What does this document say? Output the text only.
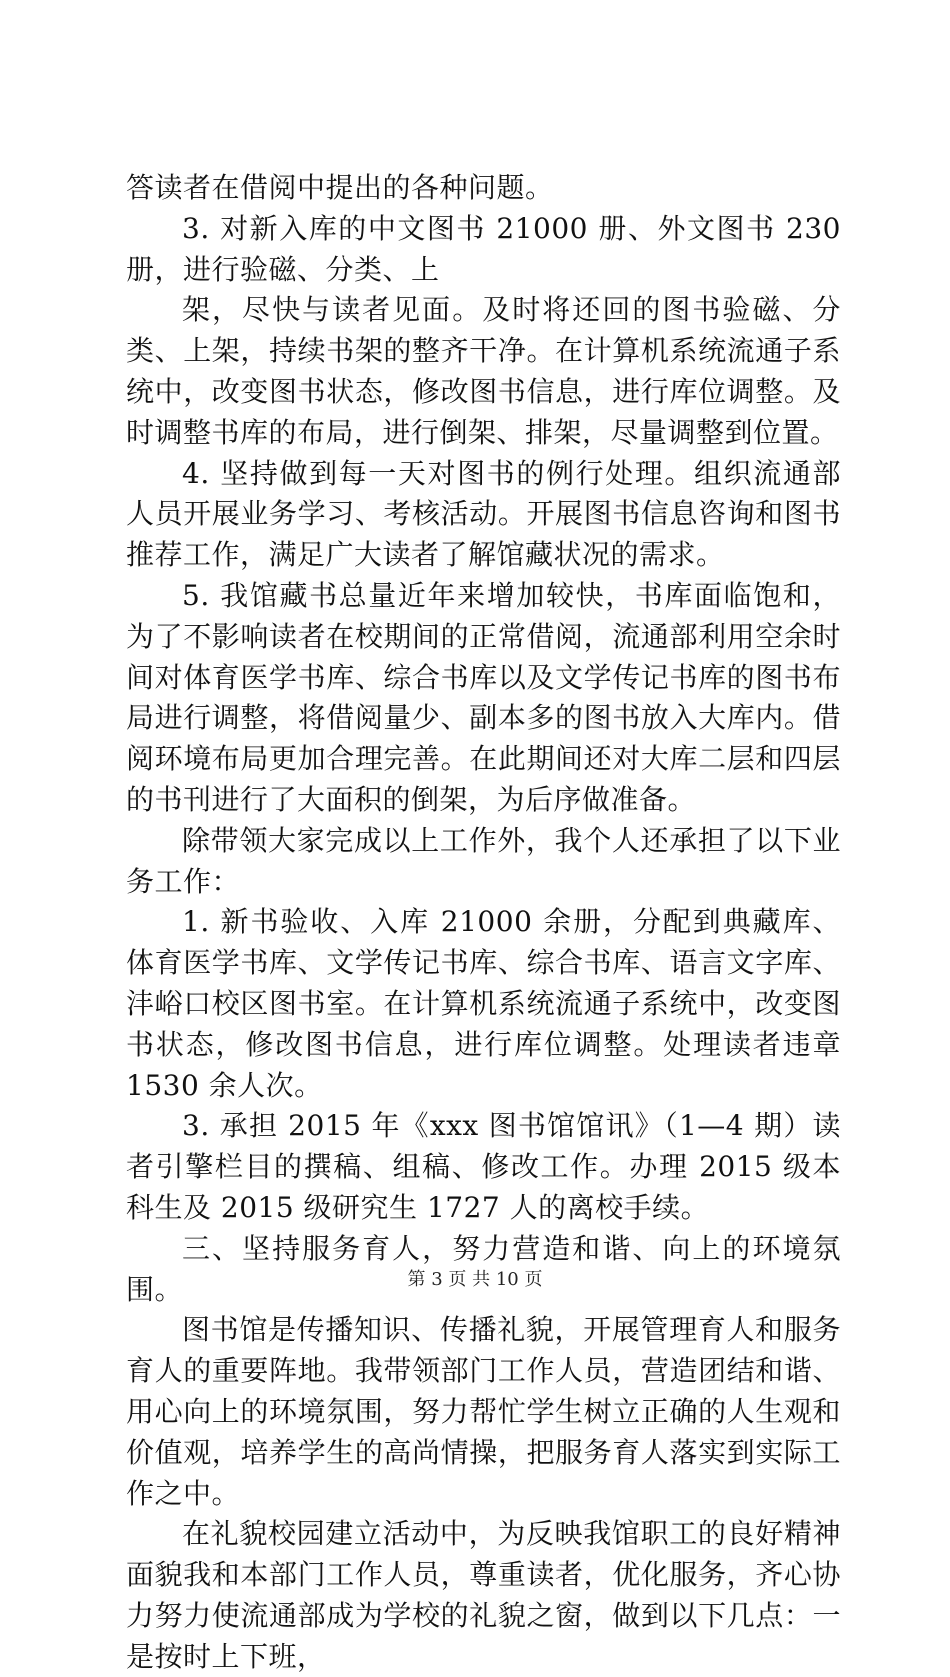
答读者在借阅中提出的各种问题。

3. 对新入库的中文图书 21000 册、外文图书 230 册，进行验磁、分类、上

架，尽快与读者见面。及时将还回的图书验磁、分类、上架，持续书架的整齐干净。在计算机系统流通子系统中，改变图书状态，修改图书信息，进行库位调整。及时调整书库的布局，进行倒架、排架，尽量调整到位置。

4. 坚持做到每一天对图书的例行处理。组织流通部人员开展业务学习、考核活动。开展图书信息咨询和图书推荐工作，满足广大读者了解馆藏状况的需求。

5. 我馆藏书总量近年来增加较快，书库面临饱和，为了不影响读者在校期间的正常借阅，流通部利用空余时间对体育医学书库、综合书库以及文学传记书库的图书布局进行调整，将借阅量少、副本多的图书放入大库内。借阅环境布局更加合理完善。在此期间还对大库二层和四层的书刊进行了大面积的倒架，为后序做准备。

除带领大家完成以上工作外，我个人还承担了以下业务工作：

1. 新书验收、入库 21000 余册，分配到典藏库、体育医学书库、文学传记书库、综合书库、语言文字库、沣峪口校区图书室。在计算机系统流通子系统中，改变图书状态，修改图书信息，进行库位调整。处理读者违章 1530 余人次。

3. 承担 2015 年《xxx 图书馆馆讯》（1—4 期）读者引擎栏目的撰稿、组稿、修改工作。办理 2015 级本科生及 2015 级研究生 1727 人的离校手续。

三、坚持服务育人，努力营造和谐、向上的环境氛围。

图书馆是传播知识、传播礼貌，开展管理育人和服务育人的重要阵地。我带领部门工作人员，营造团结和谐、用心向上的环境氛围，努力帮忙学生树立正确的人生观和价值观，培养学生的高尚情操，把服务育人落实到实际工作之中。

在礼貌校园建立活动中，为反映我馆职工的良好精神面貌我和本部门工作人员，尊重读者，优化服务，齐心协力努力使流通部成为学校的礼貌之窗，做到以下几点：一是按时上下班，

第 3 页 共 10 页
